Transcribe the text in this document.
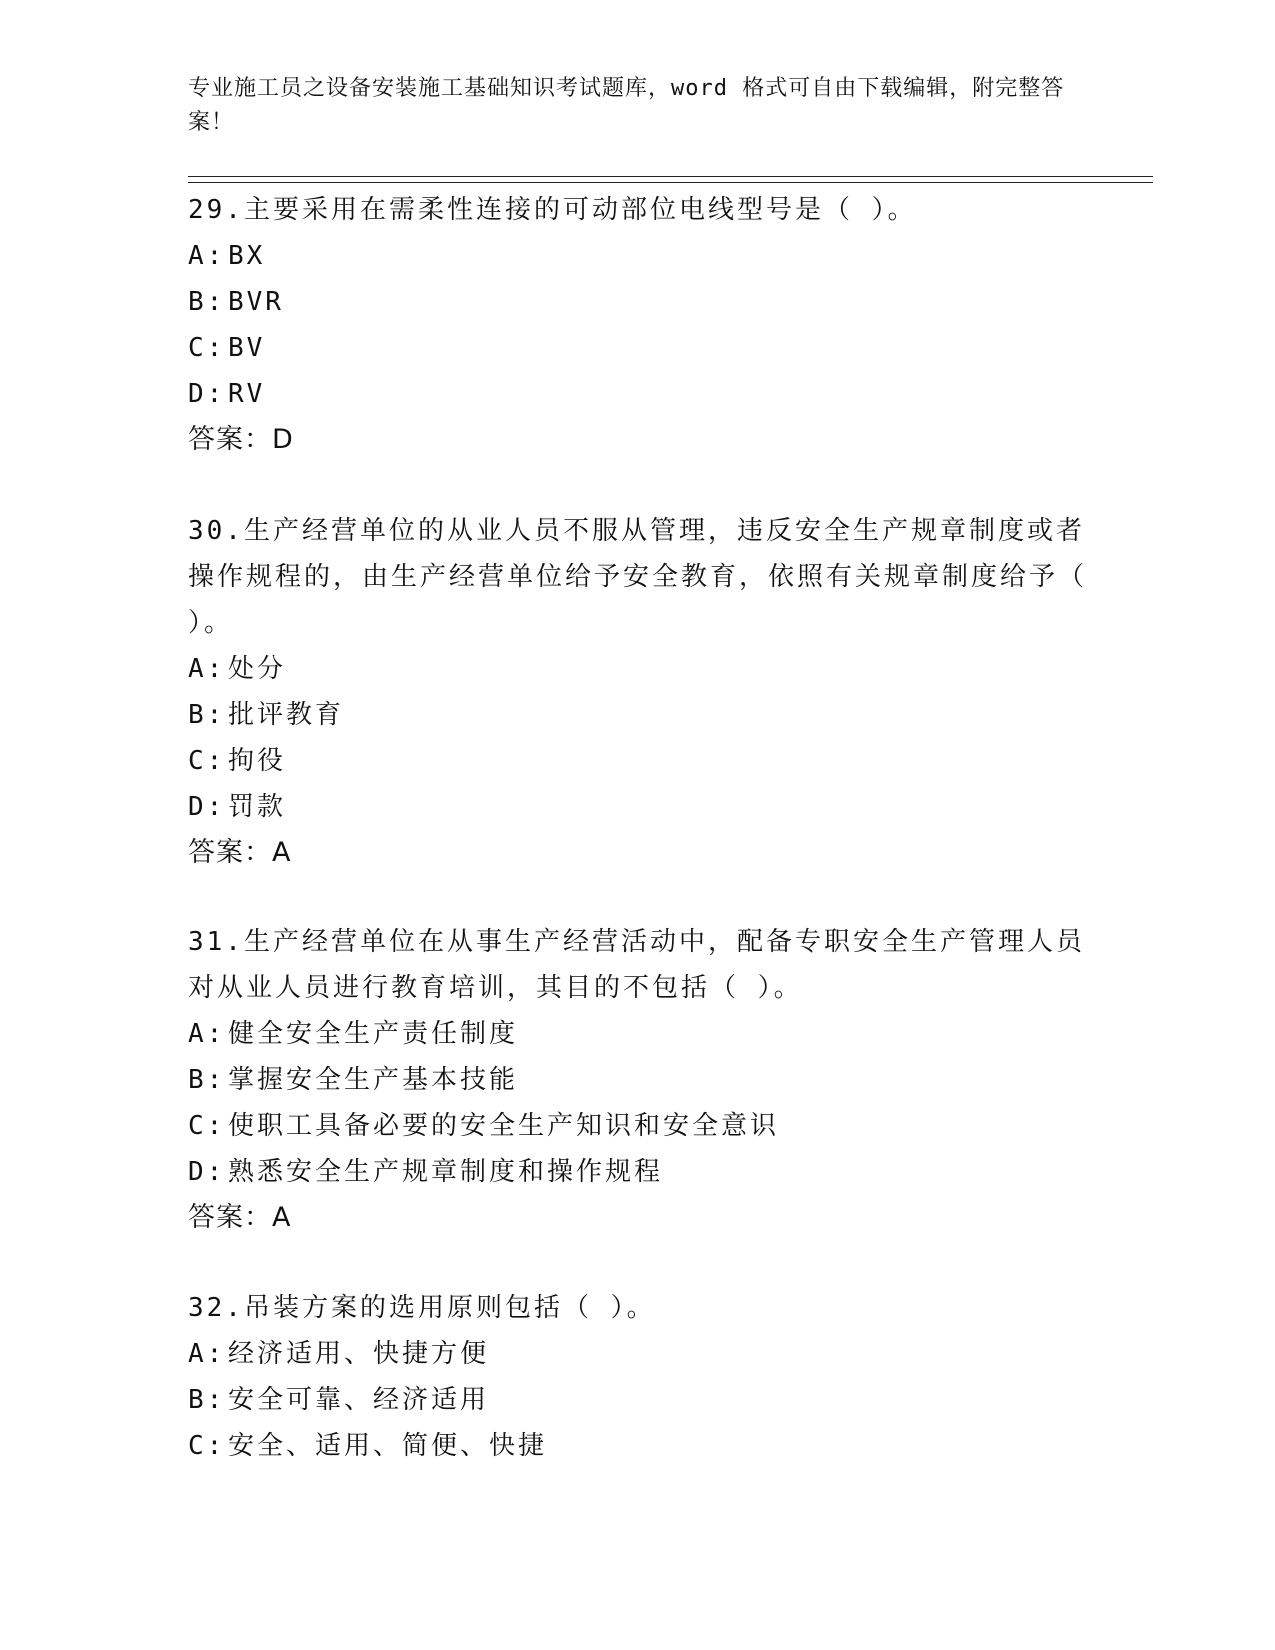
专业施工员之设备安装施工基础知识考试题库，word 格式可自由下载编辑，附完整答案！

29.主要采用在需柔性连接的可动部位电线型号是（ ）。

A: BX

B: BVR

C: BV

D: RV

答案：D

30.生产经营单位的从业人员不服从管理，违反安全生产规章制度或者操作规程的，由生产经营单位给予安全教育，依照有关规章制度给予（ ）。

A: 处分

B: 批评教育

C: 拘役

D: 罚款

答案：A

31.生产经营单位在从事生产经营活动中，配备专职安全生产管理人员对从业人员进行教育培训，其目的不包括（ ）。

A: 健全安全生产责任制度

B: 掌握安全生产基本技能

C: 使职工具备必要的安全生产知识和安全意识

D: 熟悉安全生产规章制度和操作规程

答案：A

32.吊装方案的选用原则包括（ ）。

A: 经济适用、快捷方便

B: 安全可靠、经济适用

C: 安全、适用、简便、快捷
